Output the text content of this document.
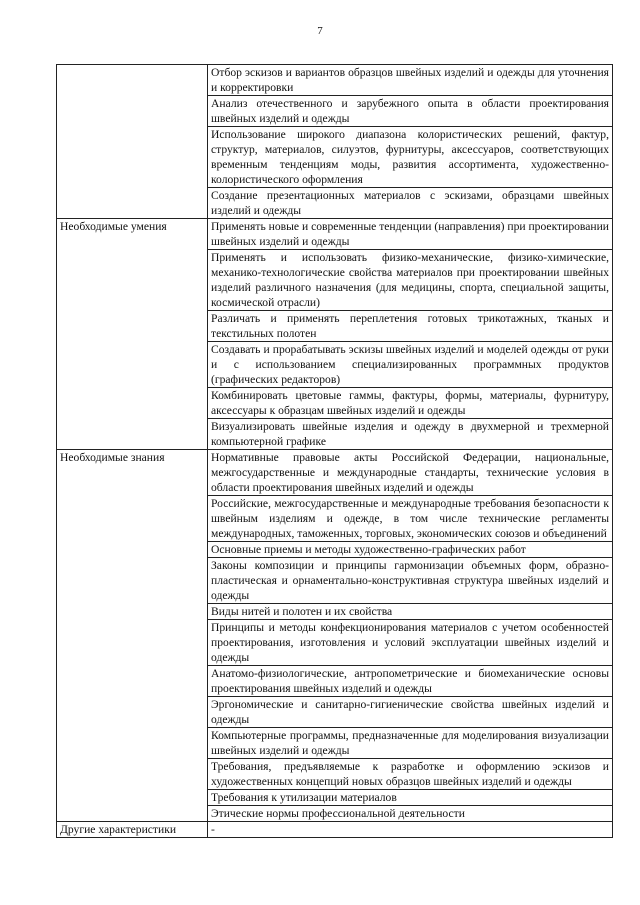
7
	Отбор эскизов и вариантов образцов швейных изделий и одежды для уточнения и корректировки
	Анализ отечественного и зарубежного опыта в области проектирования швейных изделий и одежды
	Использование широкого диапазона колористических решений, фактур, структур, материалов, силуэтов, фурнитуры, аксессуаров, соответствующих временным тенденциям моды, развития ассортимента, художественно-колористического оформления
	Создание презентационных материалов с эскизами, образцами швейных изделий и одежды
Необходимые умения	Применять новые и современные тенденции (направления) при проектировании швейных изделий и одежды
	Применять и использовать физико-механические, физико-химические, механико-технологические свойства материалов при проектировании швейных изделий различного назначения (для медицины, спорта, специальной защиты, космической отрасли)
	Различать и применять переплетения готовых трикотажных, тканых и текстильных полотен
	Создавать и прорабатывать эскизы швейных изделий и моделей одежды от руки и с использованием специализированных программных продуктов (графических редакторов)
	Комбинировать цветовые гаммы, фактуры, формы, материалы, фурнитуру, аксессуары к образцам швейных изделий и одежды
	Визуализировать швейные изделия и одежду в двухмерной и трехмерной компьютерной графике
Необходимые знания	Нормативные правовые акты Российской Федерации, национальные, межгосударственные и международные стандарты, технические условия в области проектирования швейных изделий и одежды
	Российские, межгосударственные и международные требования безопасности к швейным изделиям и одежде, в том числе технические регламенты международных, таможенных, торговых, экономических союзов и объединений
	Основные приемы и методы художественно-графических работ
	Законы композиции и принципы гармонизации объемных форм, образно-пластическая и орнаментально-конструктивная структура швейных изделий и одежды
	Виды нитей и полотен и их свойства
	Принципы и методы конфекционирования материалов с учетом особенностей проектирования, изготовления и условий эксплуатации швейных изделий и одежды
	Анатомо-физиологические, антропометрические и биомеханические основы проектирования швейных изделий и одежды
	Эргономические и санитарно-гигиенические свойства швейных изделий и одежды
	Компьютерные программы, предназначенные для моделирования визуализации швейных изделий и одежды
	Требования, предъявляемые к разработке и оформлению эскизов и художественных концепций новых образцов швейных изделий и одежды
	Требования к утилизации материалов
	Этические нормы профессиональной деятельности
Другие характеристики	-
